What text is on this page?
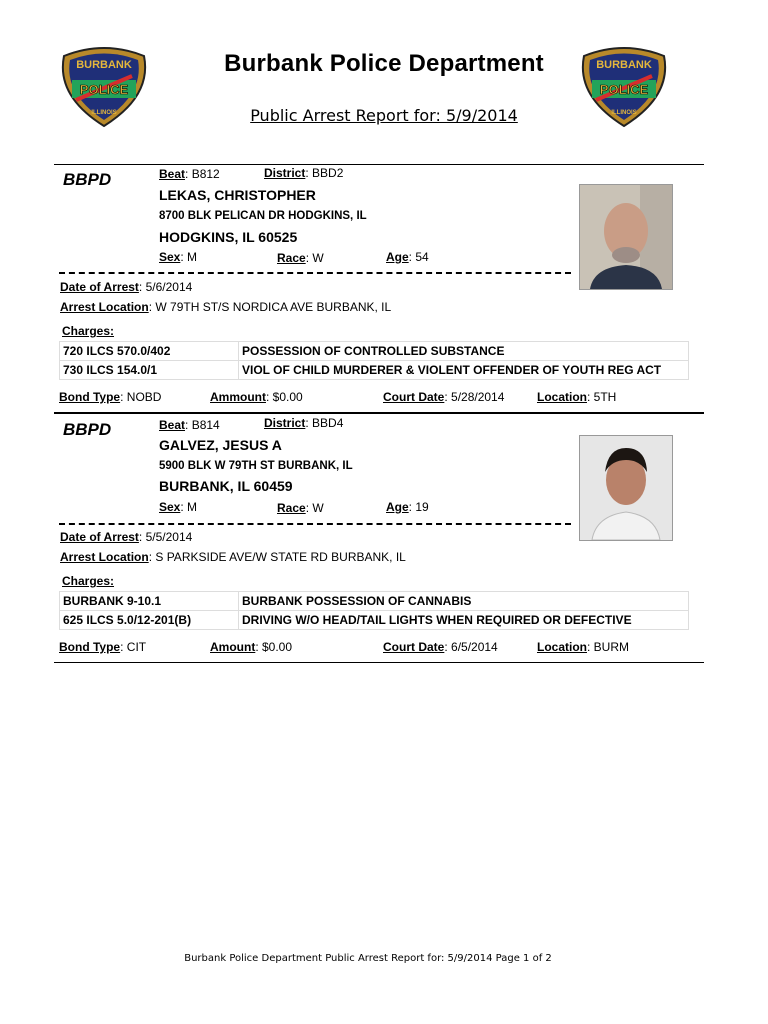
BURBANK
POLICE
ILLINOIS
BURBANK
POLICE
ILLINOIS
Burbank Police Department
Public Arrest Report for: 5/9/2014
BBPD	Beat: B812	District: BBD2
LEKAS, CHRISTOPHER
8700 BLK PELICAN DR HODGKINS, IL
HODGKINS, IL 60525
Sex: M	Race: W	Age: 54
Date of Arrest: 5/6/2014
Arrest Location: W 79TH ST/S NORDICA AVE BURBANK, IL
Charges:
720 ILCS 570.0/402	POSSESSION OF CONTROLLED SUBSTANCE
730 ILCS 154.0/1	VIOL OF CHILD MURDERER & VIOLENT OFFENDER OF YOUTH REG ACT
Bond Type: NOBD	Ammount: $0.00	Court Date: 5/28/2014	Location: 5TH
BBPD	Beat: B814	District: BBD4
GALVEZ, JESUS A
5900 BLK W 79TH ST BURBANK, IL
BURBANK, IL 60459
Sex: M	Race: W	Age: 19
Date of Arrest: 5/5/2014
Arrest Location: S PARKSIDE AVE/W STATE RD BURBANK, IL
Charges:
BURBANK 9-10.1	BURBANK POSSESSION OF CANNABIS
625 ILCS 5.0/12-201(B)	DRIVING W/O HEAD/TAIL LIGHTS WHEN REQUIRED OR DEFECTIVE
Bond Type: CIT	Amount: $0.00	Court Date: 6/5/2014	Location: BURM
Burbank Police Department Public Arrest Report for: 5/9/2014 Page 1 of 2
